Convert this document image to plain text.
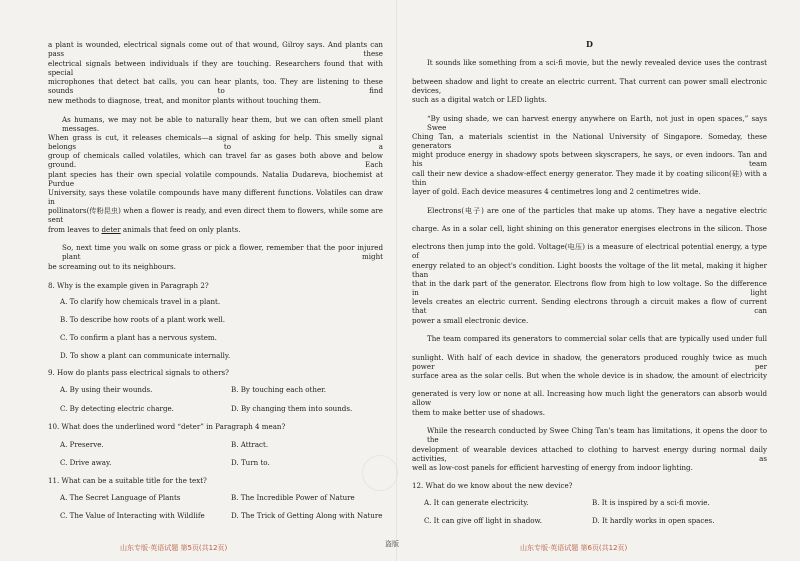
a plant is wounded, electrical signals come out of that wound, Gilroy says. And plants can pass these
electrical signals between individuals if they are touching. Researchers found that with special
microphones that detect bat calls, you can hear plants, too. They are listening to these sounds to find
new methods to diagnose, treat, and monitor plants without touching them.
As humans, we may not be able to naturally hear them, but we can often smell plant messages.
When grass is cut, it releases chemicals—a signal of asking for help. This smelly signal belongs to a
group of chemicals called volatiles, which can travel far as gases both above and below ground. Each
plant species has their own special volatile compounds. Natalia Dudareva, biochemist at Purdue
University, says these volatile compounds have many different functions. Volatiles can draw in
pollinators(传粉昆虫) when a flower is ready, and even direct them to flowers, while some are sent
from leaves to deter animals that feed on only plants.
So, next time you walk on some grass or pick a flower, remember that the poor injured plant might
be screaming out to its neighbours.
8. Why is the example given in Paragraph 2?
A. To clarify how chemicals travel in a plant.
B. To describe how roots of a plant work well.
C. To confirm a plant has a nervous system.
D. To show a plant can communicate internally.
9. How do plants pass electrical signals to others?
A. By using their wounds.	B. By touching each other.
C. By detecting electric charge.	D. By changing them into sounds.
10. What does the underlined word “deter” in Paragraph 4 mean?
A. Preserve.	B. Attract.
C. Drive away.	D. Turn to.
11. What can be a suitable title for the text?
A. The Secret Language of Plants	B. The Incredible Power of Nature
C. The Value of Interacting with Wildlife	D. The Trick of Getting Along with Nature
山东专版·英语试题 第5页(共12页)	盗版
D
It sounds like something from a sci-fi movie, but the newly revealed device uses the contrast
between shadow and light to create an electric current. That current can power small electronic devices,
such as a digital watch or LED lights.
“By using shade, we can harvest energy anywhere on Earth, not just in open spaces,” says Swee
Ching Tan, a materials scientist in the National University of Singapore. Someday, these generators
might produce energy in shadowy spots between skyscrapers, he says, or even indoors. Tan and his team
call their new device a shadow-effect energy generator. They made it by coating silicon(硅) with a thin
layer of gold. Each device measures 4 centimetres long and 2 centimetres wide.
Electrons(电子) are one of the particles that make up atoms. They have a negative electric
charge. As in a solar cell, light shining on this generator energises electrons in the silicon. Those
electrons then jump into the gold. Voltage(电压) is a measure of electrical potential energy, a type of
energy related to an object's condition. Light boosts the voltage of the lit metal, making it higher than
that in the dark part of the generator. Electrons flow from high to low voltage. So the difference in light
levels creates an electric current. Sending electrons through a circuit makes a flow of current that can
power a small electronic device.
The team compared its generators to commercial solar cells that are typically used under full
sunlight. With half of each device in shadow, the generators produced roughly twice as much power per
surface area as the solar cells. But when the whole device is in shadow, the amount of electricity
generated is very low or none at all. Increasing how much light the generators can absorb would allow
them to make better use of shadows.
While the research conducted by Swee Ching Tan's team has limitations, it opens the door to the
development of wearable devices attached to clothing to harvest energy during normal daily activities, as
well as low-cost panels for efficient harvesting of energy from indoor lighting.
12. What do we know about the new device?
A. It can generate electricity.	B. It is inspired by a sci-fi movie.
C. It can give off light in shadow.	D. It hardly works in open spaces.
山东专版·英语试题 第6页(共12页)
